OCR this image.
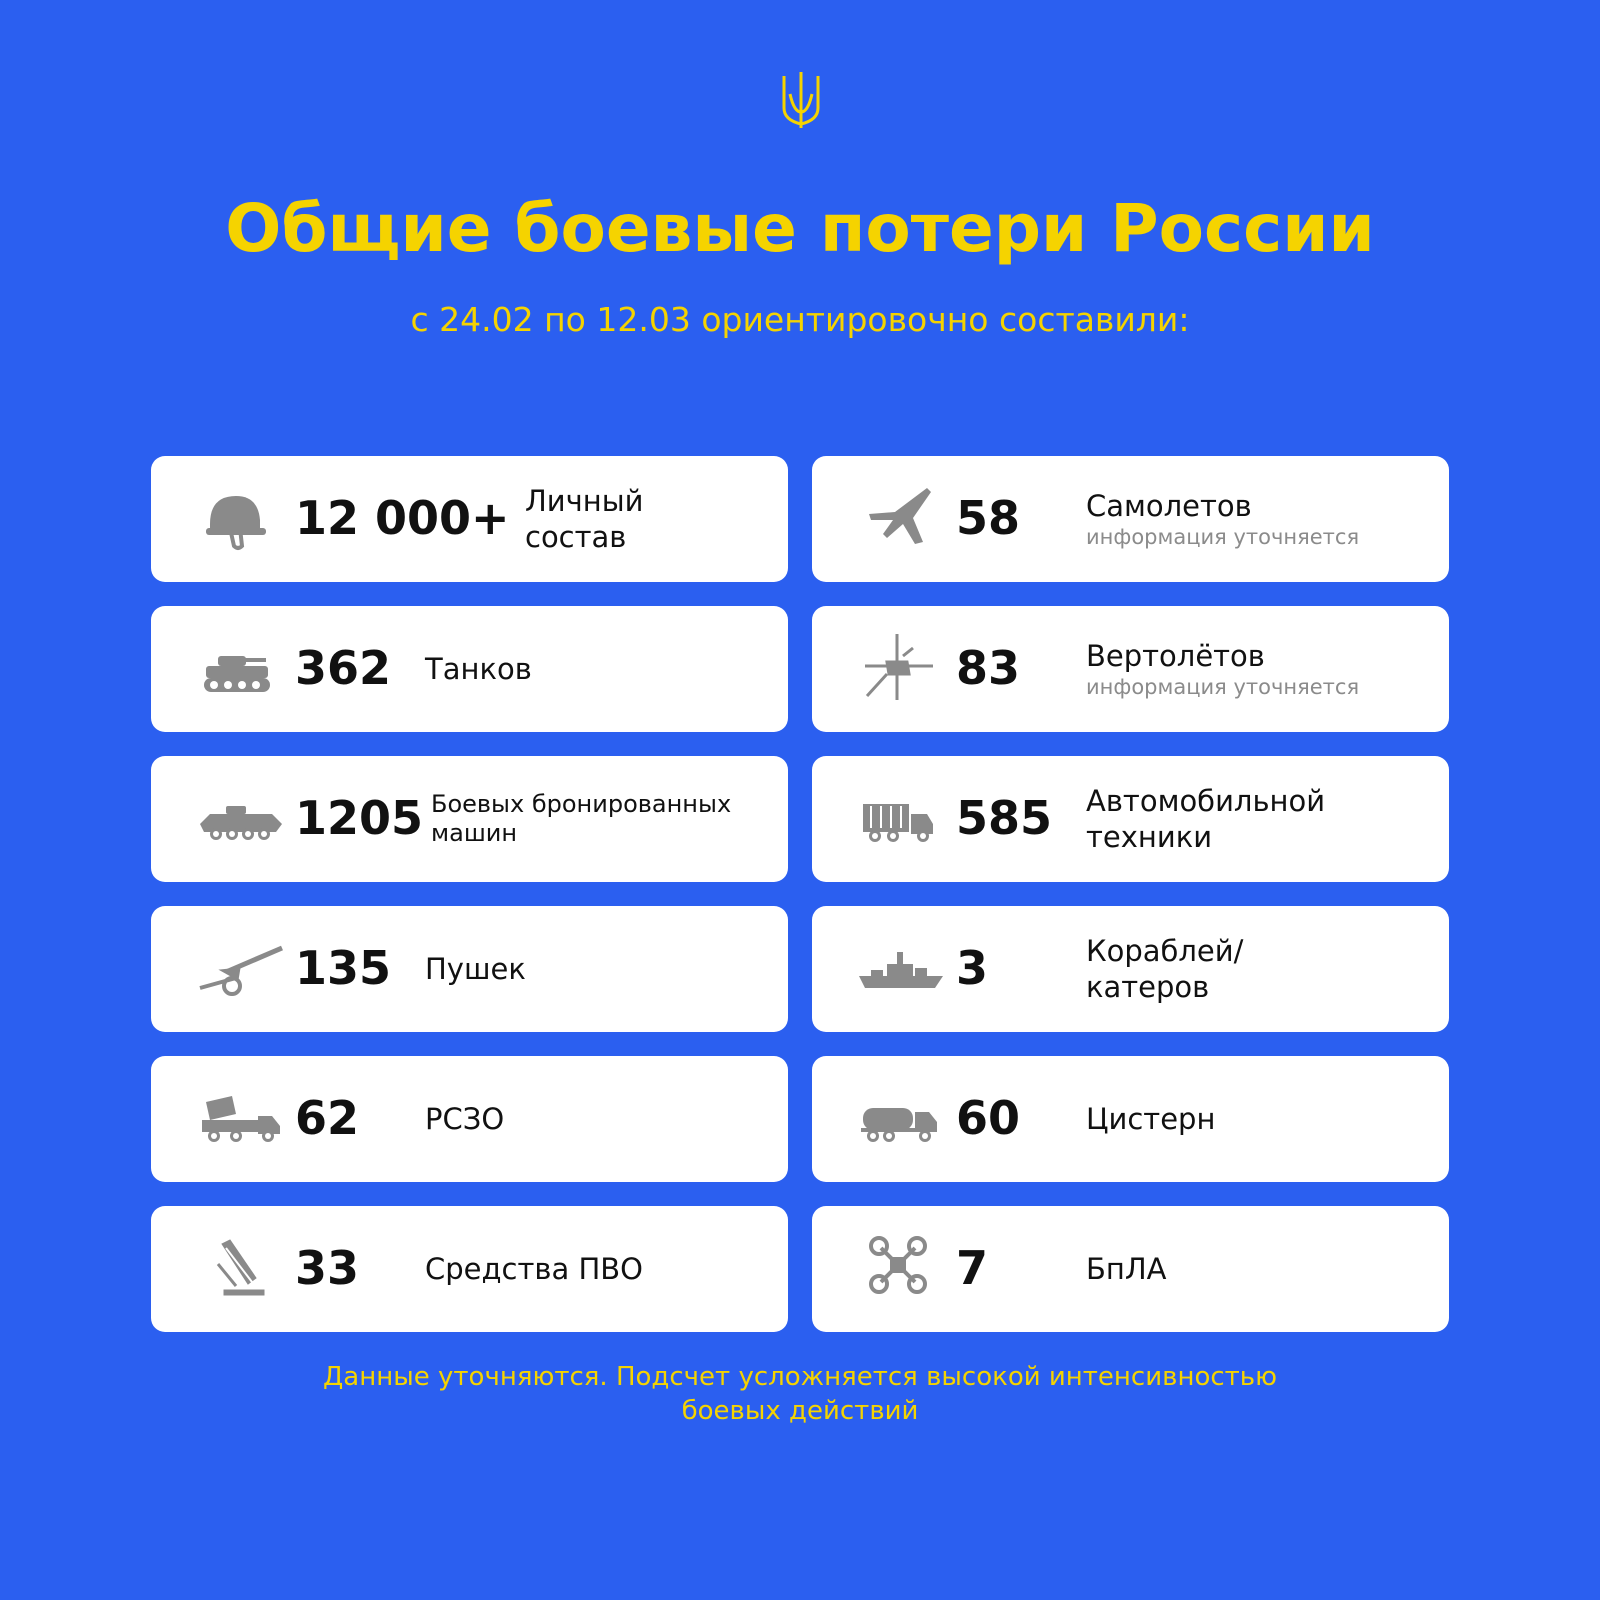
Общие боевые потери России
с 24.02 по 12.03 ориентировочно составили:
12 000+ Личный состав
362 Танков
1205 Боевых бронированных машин
135 Пушек
62 РСЗО
33 Средства ПВО
58 Самолетов
информация уточняется
83 Вертолётов
информация уточняется
585 Автомобильной техники
3	Кораблей/ катеров
60 Цистерн
7	БпЛА
Данные уточняются. Подсчет усложняется высокой интенсивностью
боевых действий
